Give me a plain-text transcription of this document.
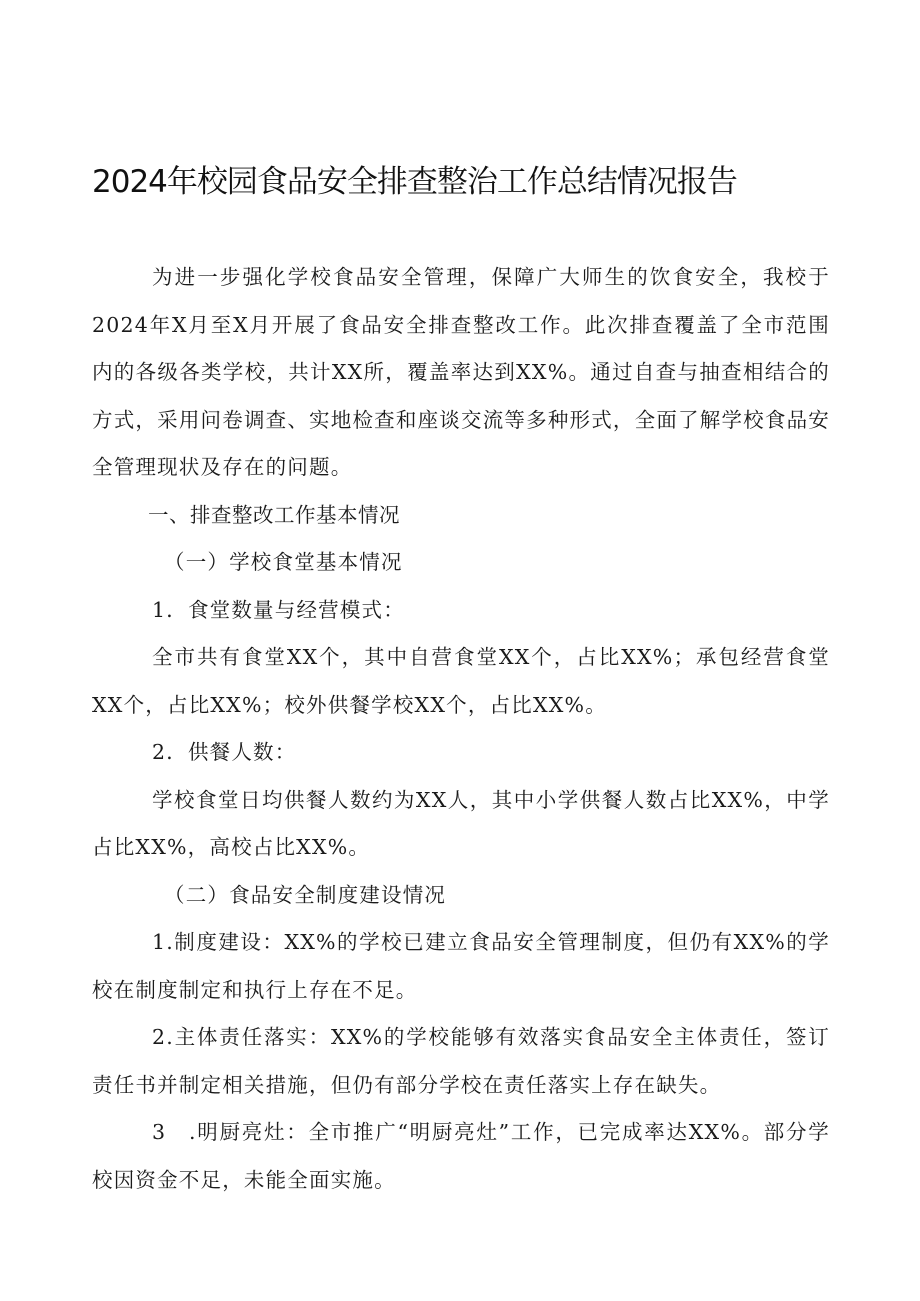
2024年校园食品安全排查整治工作总结情况报告

为进一步强化学校食品安全管理，保障广大师生的饮食安全，我校于2024年X月至X月开展了食品安全排查整改工作。此次排查覆盖了全市范围内的各级各类学校，共计XX所，覆盖率达到XX%。通过自查与抽查相结合的方式，采用问卷调查、实地检查和座谈交流等多种形式，全面了解学校食品安全管理现状及存在的问题。

一、排查整改工作基本情况

（一）学校食堂基本情况

1．食堂数量与经营模式：

全市共有食堂XX个，其中自营食堂XX个，占比XX%；承包经营食堂XX个，占比XX%；校外供餐学校XX个，占比XX%。

2．供餐人数：

学校食堂日均供餐人数约为XX人，其中小学供餐人数占比XX%，中学占比XX%，高校占比XX%。

（二）食品安全制度建设情况

1.制度建设：XX%的学校已建立食品安全管理制度，但仍有XX%的学校在制度制定和执行上存在不足。

2.主体责任落实：XX%的学校能够有效落实食品安全主体责任，签订责任书并制定相关措施，但仍有部分学校在责任落实上存在缺失。

3　.明厨亮灶：全市推广“明厨亮灶”工作，已完成率达XX%。部分学校因资金不足，未能全面实施。
